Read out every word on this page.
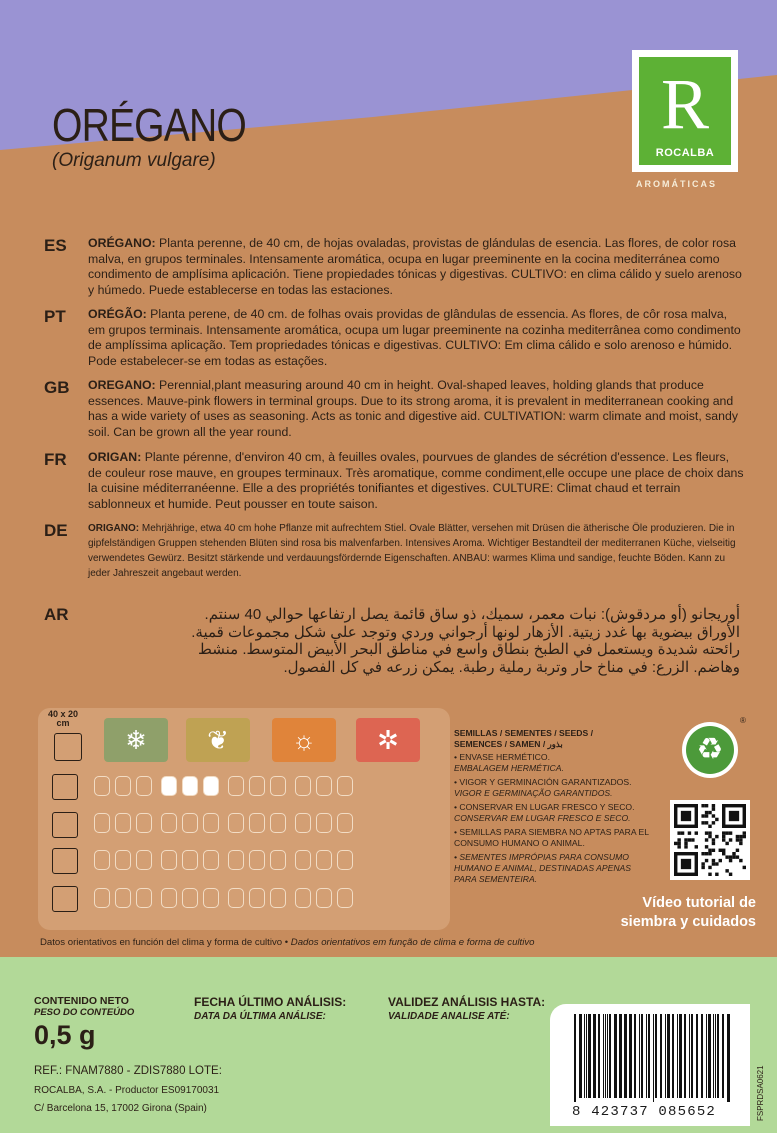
ORÉGANO
(Origanum vulgare)
R
ROCALBA
AROMÁTICAS
ES ORÉGANO: Planta perenne, de 40 cm, de hojas ovaladas, provistas de glándulas de esencia. Las flores, de color rosa malva, en grupos terminales. Intensamente aromática, ocupa en lugar preeminente en la cocina mediterránea como condimento de amplísima aplicación. Tiene propiedades tónicas y digestivas. CULTIVO: en clima cálido y suelo arenoso y húmedo. Puede establecerse en todas las estaciones.
PT ORÉGÃO: Planta perene, de 40 cm. de folhas ovais providas de glândulas de essencia. As flores, de côr rosa malva, em grupos terminais. Intensamente aromática, ocupa um lugar preeminente na cozinha mediterrânea como condimento de amplíssima aplicação. Tem propriedades tónicas e digestivas. CULTIVO: Em clima cálido e solo arenoso e húmido. Pode estabelecer-se em todas as estações.
GB OREGANO: Perennial,plant measuring around 40 cm in height. Oval-shaped leaves, holding glands that produce essences. Mauve-pink flowers in terminal groups. Due to its strong aroma, it is prevalent in mediterranean cooking and has a wide variety of uses as seasoning. Acts as tonic and digestive aid. CULTIVATION: warm climate and moist, sandy soil. Can be grown all the year round.
FR ORIGAN: Plante pérenne, d'environ 40 cm, à feuilles ovales, pourvues de glandes de sécrétion d'essence. Les fleurs, de couleur rose mauve, en groupes terminaux. Très aromatique, comme condiment,elle occupe une place de choix dans la cuisine méditerranéenne. Elle a des propriétés tonifiantes et digestives. CULTURE: Climat chaud et terrain sablonneux et humide. Peut pousser en toute saison.
DE ORIGANO: Mehrjährige, etwa 40 cm hohe Pflanze mit aufrechtem Stiel. Ovale Blätter, versehen mit Drüsen die ätherische Öle produzieren. Die in gipfelständigen Gruppen stehenden Blüten sind rosa bis malvenfarben. Intensives Aroma. Wichtiger Bestandteil der mediterranen Küche, vielseitig verwendetes Gewürz. Besitzt stärkende und verdauungsfördernde Eigenschaften. ANBAU: warmes Klima und sandige, feuchte Böden. Kann zu jeder Jahreszeit angebaut werden.
AR	أوريجانو (أو مردقوش): نبات معمر، سميك، ذو ساق قائمة يصل ارتفاعها حوالي 40 سنتم. الأوراق بيضوية بها غدد زيتية. الأزهار لونها أرجواني وردي وتوجد على شكل مجموعات قمية. رائحته شديدة ويستعمل في الطبخ بنطاق واسع في مناطق البحر الأبيض المتوسط. منشط وهاضم. الزرع: في مناخ حار وتربة رملية رطبة. يمكن زرعه في كل الفصول.
40 x 20
cm
❄	❦	☼	✲	SEMILLAS / SEMENTES / SEEDS /
SEMENCES / SAMEN / بذور
• ENVASE HERMÉTICO.
EMBALAGEM HERMÉTICA.
• VIGOR Y GERMINACIÓN GARANTIZADOS.
VIGOR E GERMINAÇÃO GARANTIDOS.
• CONSERVAR EN LUGAR FRESCO Y SECO.
CONSERVAR EM LUGAR FRESCO E SECO.
• SEMILLAS PARA SIEMBRA NO APTAS PARA EL CONSUMO HUMANO O ANIMAL.
• SEMENTES IMPRÓPIAS PARA CONSUMO HUMANO E ANIMAL, DESTINADAS APENAS PARA SEMENTEIRA.
♻
®
Vídeo tutorial de
siembra y cuidados
Datos orientativos en función del clima y forma de cultivo • Dados orientativos em função de clima e forma de cultivo
CONTENIDO NETO
PESO DO CONTEÚDO
0,5 g
FECHA ÚLTIMO ANÁLISIS:
DATA DA ÚLTIMA ANÁLISE:
VALIDEZ ANÁLISIS HASTA:
VALIDADE ANALISE ATÉ:
REF.: FNAM7880 - ZDIS7880 LOTE:
ROCALBA, S.A. - Productor ES09170031
C/ Barcelona 15, 17002 Girona (Spain)	8 423737 085652	FSPRDSA0621
